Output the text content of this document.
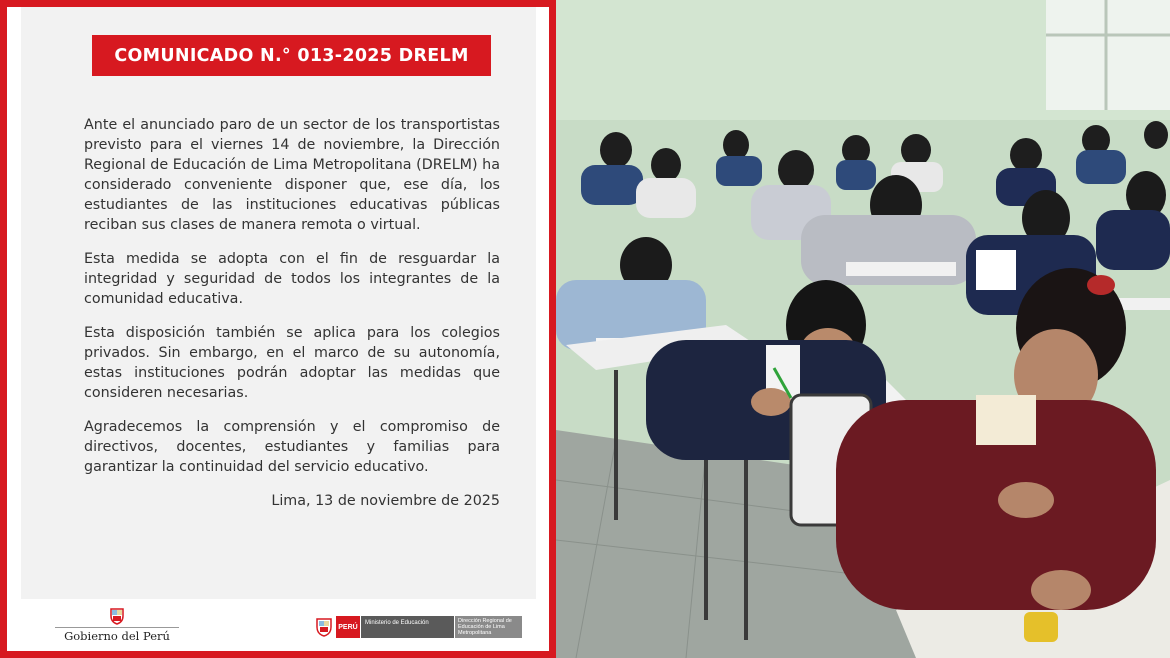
COMUNICADO N.° 013-2025 DRELM

Ante el anunciado paro de un sector de los transportistas previsto para el viernes 14 de noviembre, la Dirección Regional de Educación de Lima Metropolitana (DRELM) ha considerado conveniente disponer que, ese día, los estudiantes de las instituciones educativas públicas reciban sus clases de manera remota o virtual.

Esta medida se adopta con el fin de resguardar la integridad y seguridad de todos los integrantes de la comunidad educativa.

Esta disposición también se aplica para los colegios privados. Sin embargo, en el marco de su autonomía, estas instituciones podrán adoptar las medidas que consideren necesarias.

Agradecemos la comprensión y el compromiso de directivos, docentes, estudiantes y familias para garantizar la continuidad del servicio educativo.

Lima, 13 de noviembre de 2025

Gobierno del Perú
PERÚ
Ministerio de Educación	Dirección Regional de Educación de Lima Metropolitana
